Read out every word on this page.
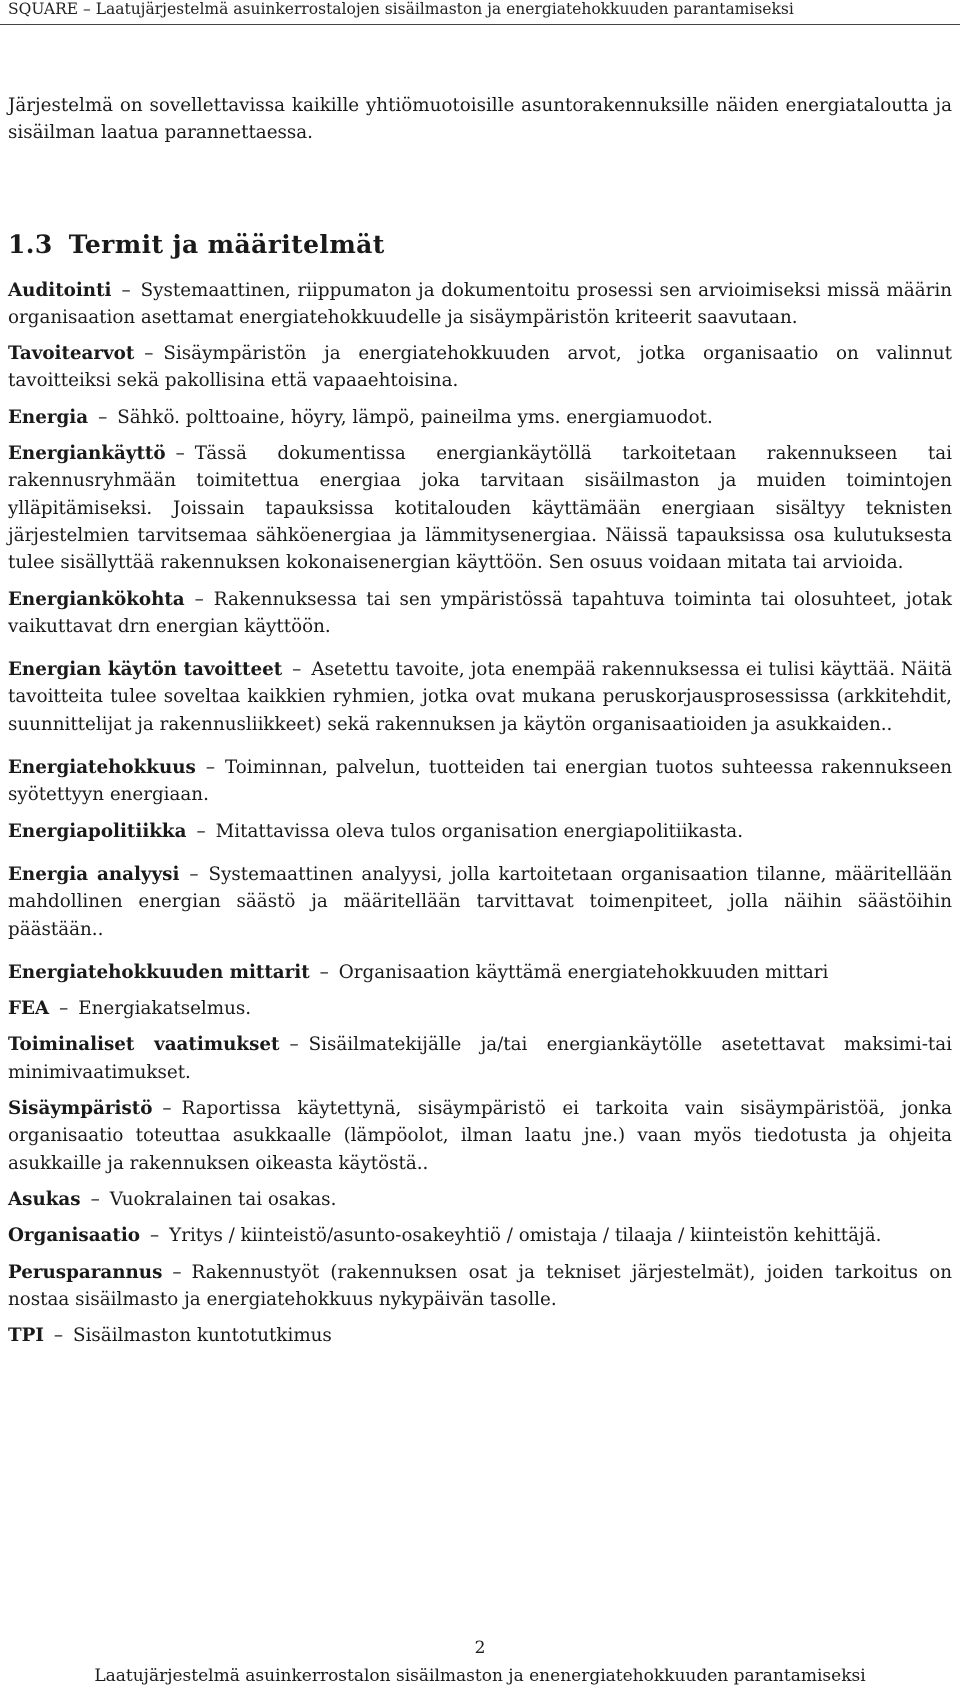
SQUARE – Laatujärjestelmä asuinkerrostalojen sisäilmaston ja energiatehokkuuden parantamiseksi

Järjestelmä on sovellettavissa kaikille yhtiömuotoisille asuntorakennuksille näiden energiataloutta ja sisäilman laatua parannettaessa.

1.3 Termit ja määritelmät

Auditointi – Systemaattinen, riippumaton ja dokumentoitu prosessi sen arvioimiseksi missä määrin organisaation asettamat energiatehokkuudelle ja sisäympäristön kriteerit saavutaan.

Tavoitearvot – Sisäympäristön ja energiatehokkuuden arvot, jotka organisaatio on valinnut tavoitteiksi sekä pakollisina että vapaaehtoisina.

Energia – Sähkö. polttoaine, höyry, lämpö, paineilma yms. energiamuodot.

Energiankäyttö – Tässä dokumentissa energiankäytöllä tarkoitetaan rakennukseen tai rakennusryhmään toimitettua energiaa joka tarvitaan sisäilmaston ja muiden toimintojen ylläpitämiseksi. Joissain tapauksissa kotitalouden käyttämään energiaan sisältyy teknisten järjestelmien tarvitsemaa sähköenergiaa ja lämmitysenergiaa. Näissä tapauksissa osa kulutuksesta tulee sisällyttää rakennuksen kokonaisenergian käyttöön. Sen osuus voidaan mitata tai arvioida.

Energiankökohta – Rakennuksessa tai sen ympäristössä tapahtuva toiminta tai olosuhteet, jotak vaikuttavat drn energian käyttöön.

Energian käytön tavoitteet – Asetettu tavoite, jota enempää rakennuksessa ei tulisi käyttää. Näitä tavoitteita tulee soveltaa kaikkien ryhmien, jotka ovat mukana peruskorjausprosessissa (arkkitehdit, suunnittelijat ja rakennusliikkeet) sekä rakennuksen ja käytön organisaatioiden ja asukkaiden..

Energiatehokkuus – Toiminnan, palvelun, tuotteiden tai energian tuotos suhteessa rakennukseen syötettyyn energiaan.

Energiapolitiikka – Mitattavissa oleva tulos organisation energiapolitiikasta.

Energia analyysi – Systemaattinen analyysi, jolla kartoitetaan organisaation tilanne, määritellään mahdollinen energian säästö ja määritellään tarvittavat toimenpiteet, jolla näihin säästöihin päästään..

Energiatehokkuuden mittarit – Organisaation käyttämä energiatehokkuuden mittari

FEA – Energiakatselmus.

Toiminaliset vaatimukset – Sisäilmatekijälle ja/tai energiankäytölle asetettavat maksimi-tai minimivaatimukset.

Sisäympäristö – Raportissa käytettynä, sisäympäristö ei tarkoita vain sisäympäristöä, jonka organisaatio toteuttaa asukkaalle (lämpöolot, ilman laatu jne.) vaan myös tiedotusta ja ohjeita asukkaille ja rakennuksen oikeasta käytöstä..

Asukas – Vuokralainen tai osakas.

Organisaatio – Yritys / kiinteistö/asunto-osakeyhtiö / omistaja / tilaaja / kiinteistön kehittäjä.

Perusparannus – Rakennustyöt (rakennuksen osat ja tekniset järjestelmät), joiden tarkoitus on nostaa sisäilmasto ja energiatehokkuus nykypäivän tasolle.

TPI – Sisäilmaston kuntotutkimus

2
Laatujärjestelmä asuinkerrostalon sisäilmaston ja enenergiatehokkuuden parantamiseksi
